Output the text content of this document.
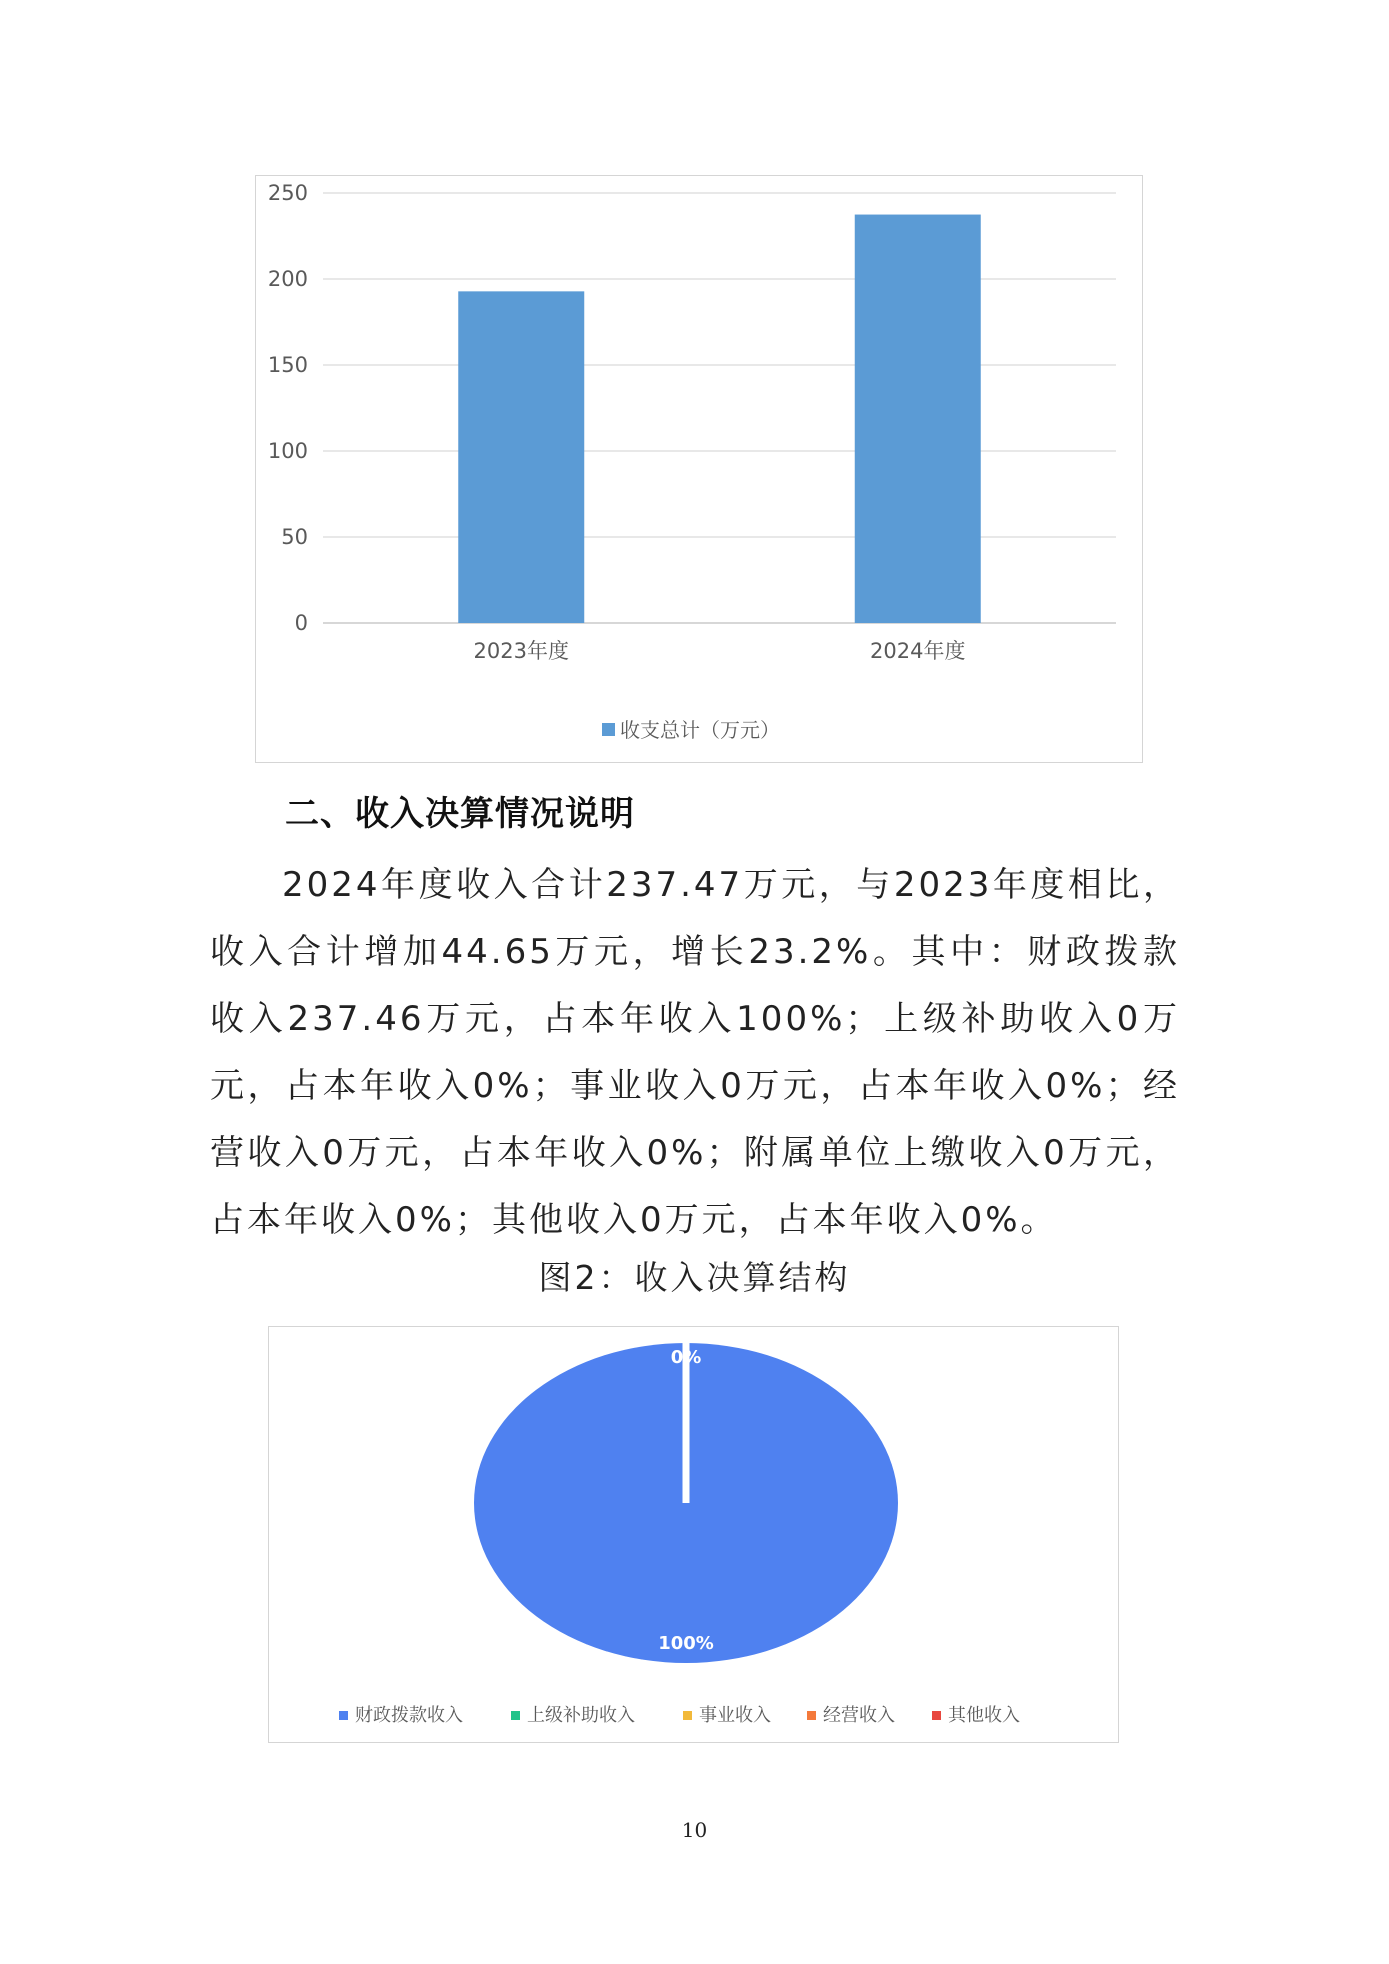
0
50
100
150
200
250
2023年度	2024年度
收支总计（万元）
二、收入决算情况说明
2024年度收入合计237.47万元，与2023年度相比，收入合计增加44.65万元，增长23.2%。其中：财政拨款收入237.46万元，占本年收入100%；上级补助收入0万元，占本年收入0%；事业收入0万元，占本年收入0%；经营收入0万元，占本年收入0%；附属单位上缴收入0万元，占本年收入0%；其他收入0万元，占本年收入0%。
图2：收入决算结构
100%
0%
财政拨款收入	上级补助收入	事业收入	经营收入	其他收入
10
